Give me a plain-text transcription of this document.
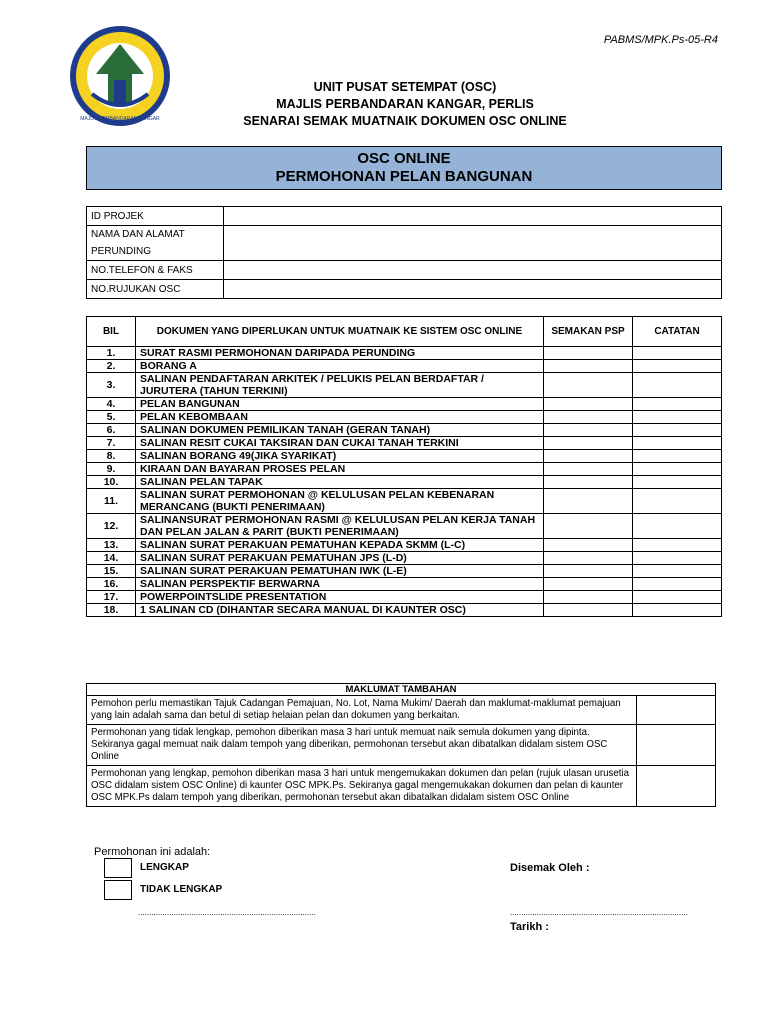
PABMS/MPK.Ps-05-R4
MAJLIS PERBANDARAN KANGAR
UNIT PUSAT SETEMPAT (OSC)
MAJLIS PERBANDARAN KANGAR, PERLIS
SENARAI SEMAK MUATNAIK DOKUMEN OSC ONLINE
OSC ONLINE
PERMOHONAN PELAN BANGUNAN
ID PROJEK	
NAMA DAN ALAMAT PERUNDING	
NO.TELEFON & FAKS	
NO.RUJUKAN OSC	
BIL	DOKUMEN YANG DIPERLUKAN UNTUK MUATNAIK KE SISTEM OSC ONLINE	SEMAKAN PSP	CATATAN
1.	SURAT RASMI PERMOHONAN DARIPADA PERUNDING		
2.	BORANG A		
3.	SALINAN PENDAFTARAN ARKITEK / PELUKIS PELAN BERDAFTAR / JURUTERA (TAHUN TERKINI)		
4.	PELAN BANGUNAN		
5.	PELAN KEBOMBAAN		
6.	SALINAN DOKUMEN PEMILIKAN TANAH (GERAN TANAH)		
7.	SALINAN RESIT CUKAI TAKSIRAN DAN CUKAI TANAH TERKINI		
8.	SALINAN BORANG 49(JIKA SYARIKAT)		
9.	KIRAAN DAN BAYARAN PROSES PELAN		
10.	SALINAN PELAN TAPAK		
11.	SALINAN SURAT PERMOHONAN @ KELULUSAN PELAN KEBENARAN MERANCANG (BUKTI PENERIMAAN)		
12.	SALINANSURAT PERMOHONAN RASMI @ KELULUSAN PELAN KERJA TANAH DAN PELAN JALAN & PARIT (BUKTI PENERIMAAN)		
13.	SALINAN SURAT PERAKUAN PEMATUHAN KEPADA SKMM (L-C)		
14.	SALINAN SURAT PERAKUAN PEMATUHAN JPS (L-D)		
15.	SALINAN SURAT PERAKUAN PEMATUHAN IWK (L-E)		
16.	SALINAN PERSPEKTIF BERWARNA		
17.	POWERPOINTSLIDE PRESENTATION		
18.	1 SALINAN CD (DIHANTAR SECARA MANUAL DI KAUNTER OSC)		
MAKLUMAT TAMBAHAN	
Pemohon perlu memastikan Tajuk Cadangan Pemajuan, No. Lot, Nama Mukim/ Daerah dan maklumat-maklumat pemajuan yang lain adalah sama dan betul di setiap helaian pelan dan dokumen yang berkaitan.	
Permohonan yang tidak lengkap, pemohon diberikan masa 3 hari untuk memuat naik semula dokumen yang dipinta. Sekiranya gagal memuat naik dalam tempoh yang diberikan, permohonan tersebut akan dibatalkan didalam sistem OSC Online	
Permohonan yang lengkap, pemohon diberikan masa 3 hari untuk mengemukakan dokumen dan pelan (rujuk ulasan urusetia OSC didalam sistem OSC Online) di kaunter OSC MPK.Ps. Sekiranya gagal mengemukakan dokumen dan pelan di kaunter OSC MPK.Ps dalam tempoh yang diberikan, permohonan tersebut akan dibatalkan didalam sistem OSC Online	
Permohonan ini adalah:
LENGKAP
TIDAK LENGKAP
................................................................................
Disemak Oleh :
................................................................................
Tarikh :
